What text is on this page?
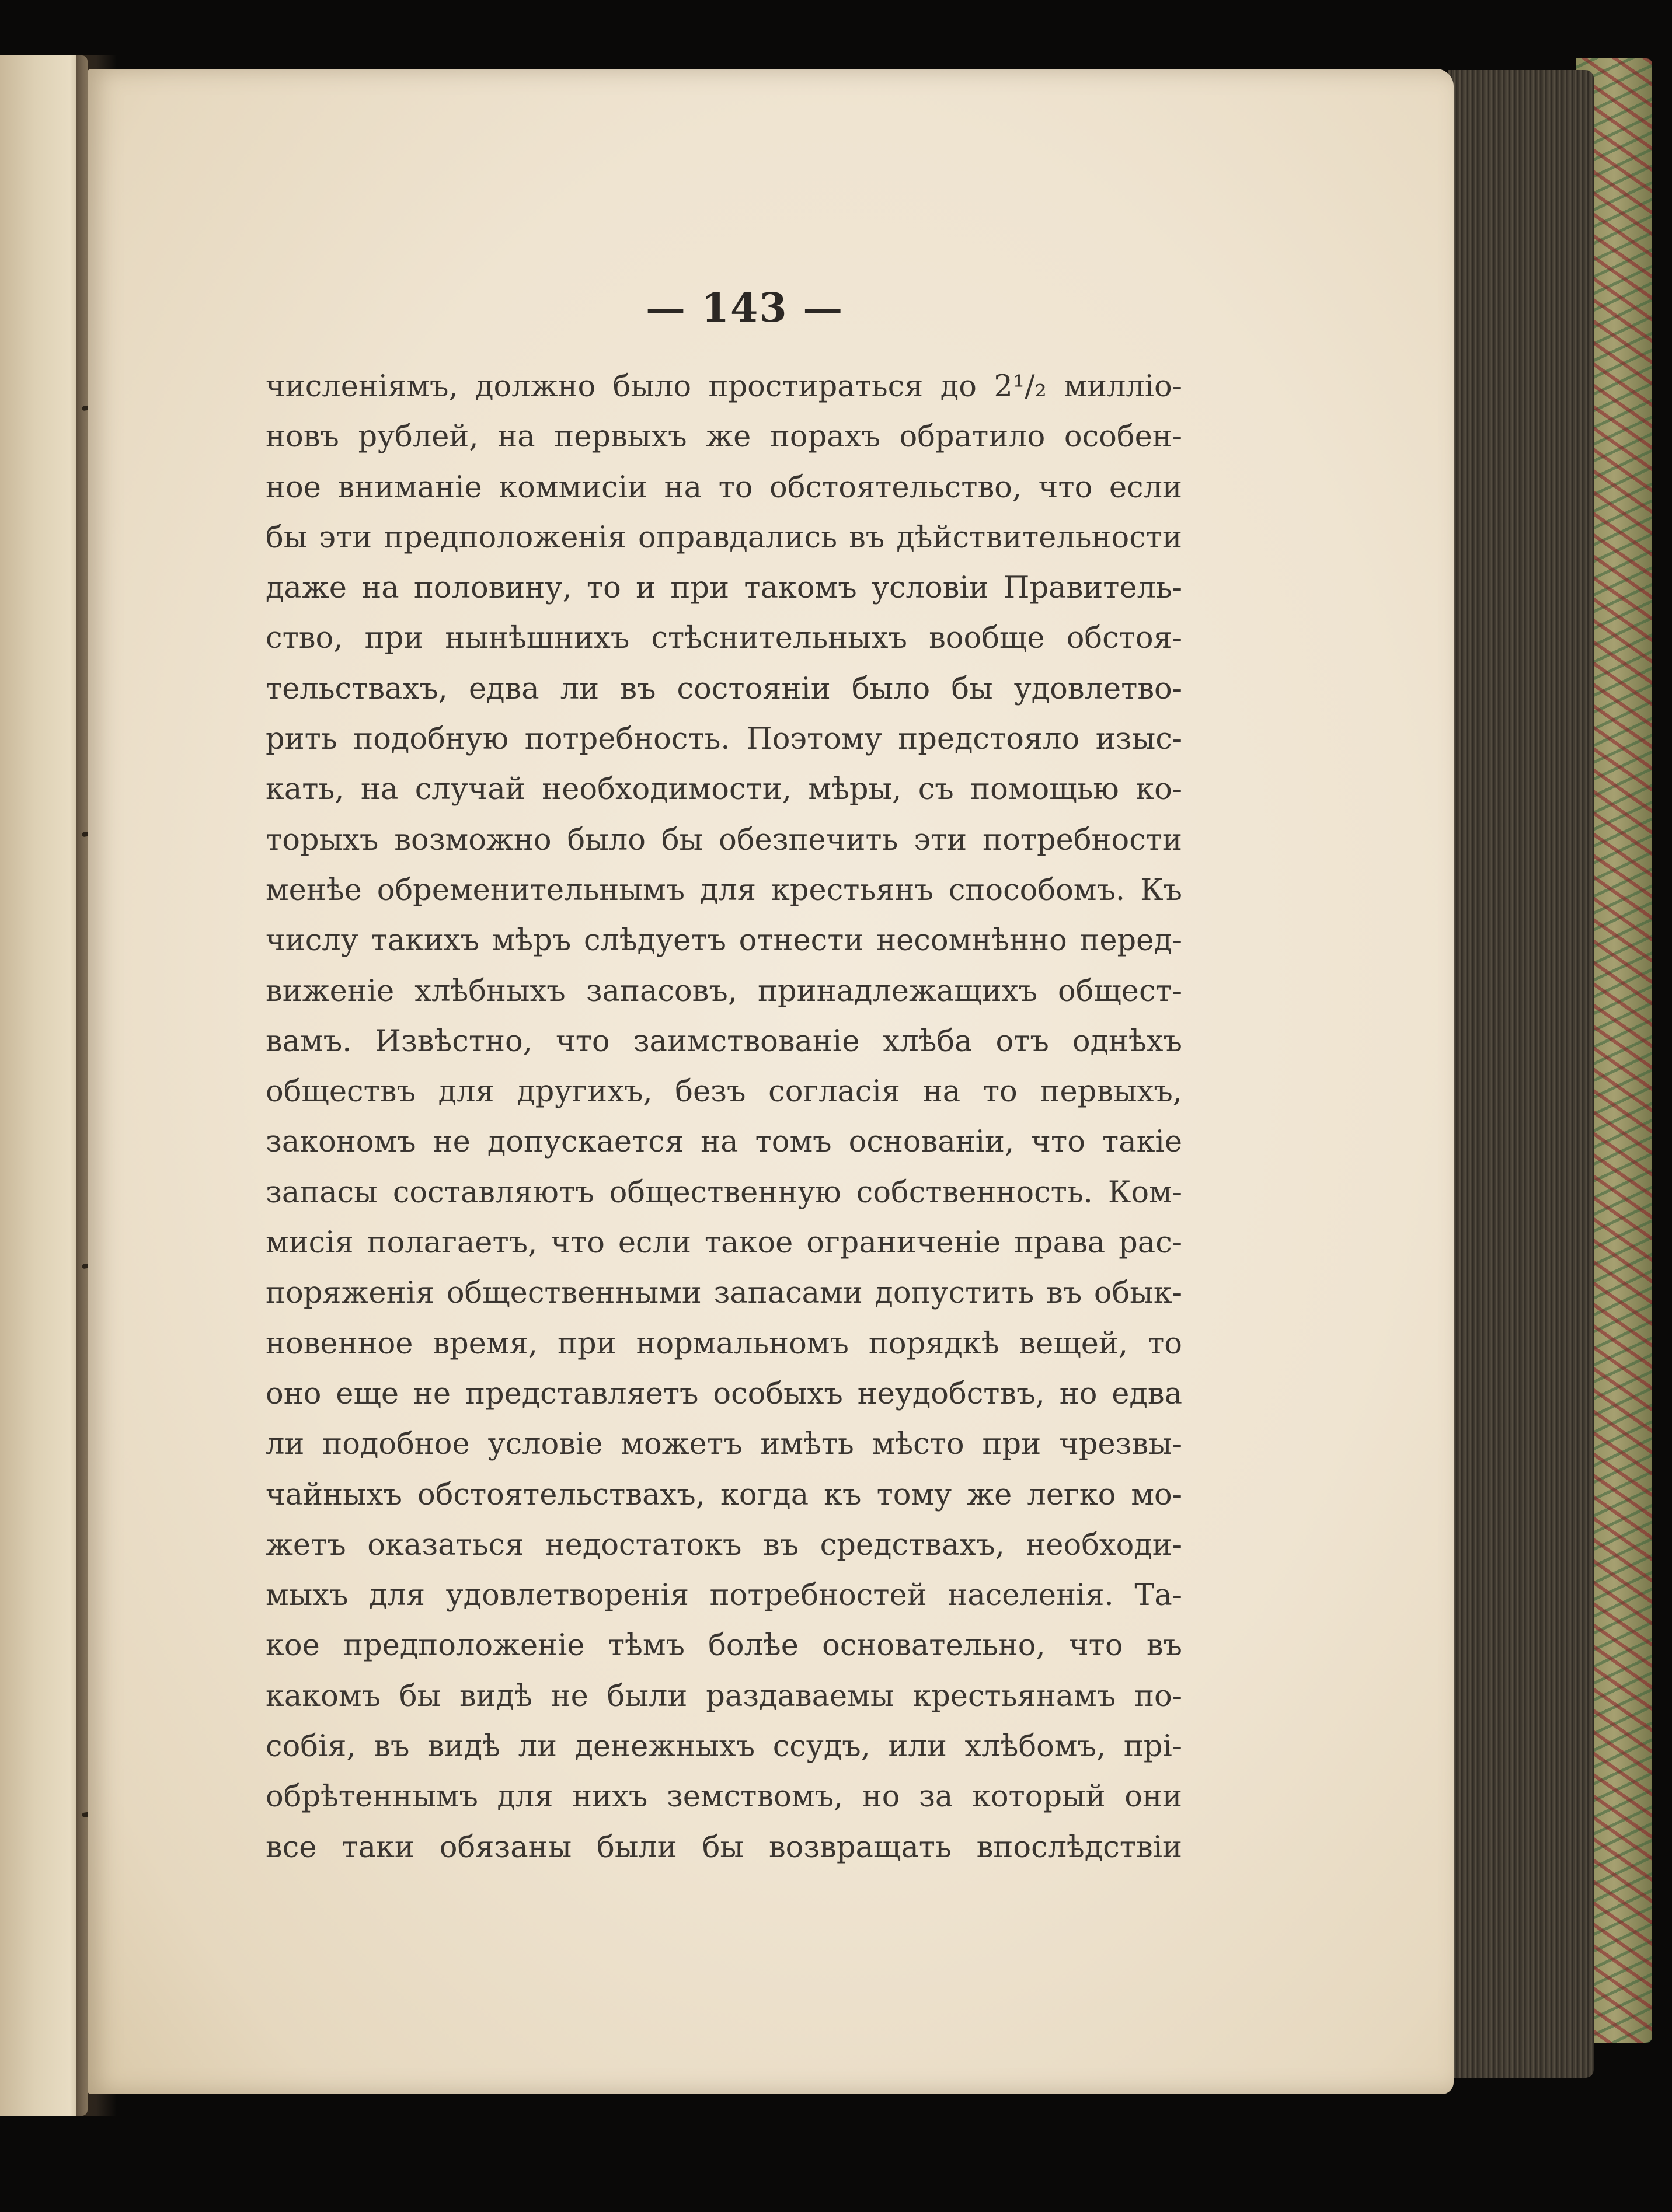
— 143 —
численіямъ, должно было простираться до 2¹/₂ милліо-
новъ рублей, на первыхъ же порахъ обратило особен-
ное вниманіе коммисіи на то обстоятельство, что если
бы эти предположенія оправдались въ дѣйствительности
даже на половину, то и при такомъ условіи Правитель-
ство, при нынѣшнихъ стѣснительныхъ вообще обстоя-
тельствахъ, едва ли въ состояніи было бы удовлетво-
рить подобную потребность. Поэтому предстояло изыс-
кать, на случай необходимости, мѣры, съ помощью ко-
торыхъ возможно было бы обезпечить эти потребности
менѣе обременительнымъ для крестьянъ способомъ. Къ
числу такихъ мѣръ слѣдуетъ отнести несомнѣнно перед-
виженіе хлѣбныхъ запасовъ, принадлежащихъ общест-
вамъ. Извѣстно, что заимствованіе хлѣба отъ однѣхъ
обществъ для другихъ, безъ согласія на то первыхъ,
закономъ не допускается на томъ основаніи, что такіе
запасы составляютъ общественную собственность. Ком-
мисія полагаетъ, что если такое ограниченіе права рас-
поряженія общественными запасами допустить въ обык-
новенное время, при нормальномъ порядкѣ вещей, то
оно еще не представляетъ особыхъ неудобствъ, но едва
ли подобное условіе можетъ имѣть мѣсто при чрезвы-
чайныхъ обстоятельствахъ, когда къ тому же легко мо-
жетъ оказаться недостатокъ въ средствахъ, необходи-
мыхъ для удовлетворенія потребностей населенія. Та-
кое предположеніе тѣмъ болѣе основательно, что въ
какомъ бы видѣ не были раздаваемы крестьянамъ по-
собія, въ видѣ ли денежныхъ ссудъ, или хлѣбомъ, прі-
обрѣтеннымъ для нихъ земствомъ, но за который они
все таки обязаны были бы возвращать впослѣдствіи
